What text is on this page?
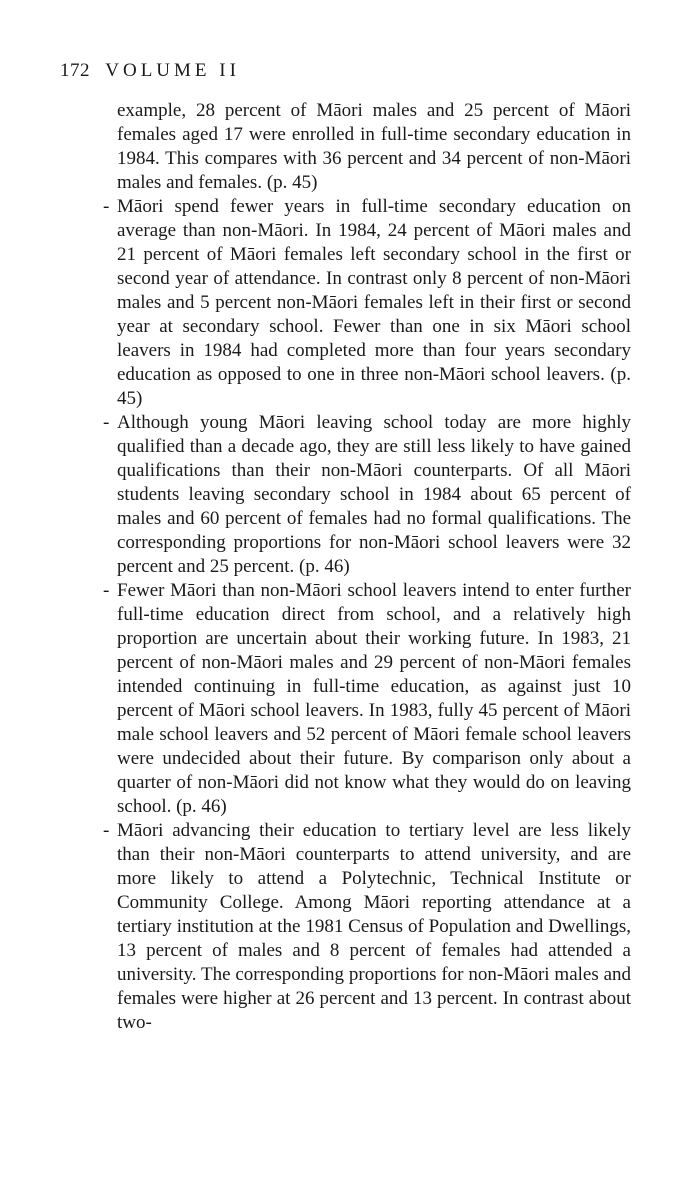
172 VOLUME II

example, 28 percent of Māori males and 25 percent of Māori females aged 17 were enrolled in full-time secondary education in 1984. This compares with 36 percent and 34 percent of non-Māori males and females. (p. 45)

- Māori spend fewer years in full-time secondary education on average than non-Māori. In 1984, 24 percent of Māori males and 21 percent of Māori females left secondary school in the first or second year of attendance. In contrast only 8 percent of non-Māori males and 5 percent non-Māori females left in their first or second year at secondary school. Fewer than one in six Māori school leavers in 1984 had completed more than four years secondary education as opposed to one in three non-Māori school leavers. (p. 45)

- Although young Māori leaving school today are more highly qualified than a decade ago, they are still less likely to have gained qualifications than their non-Māori counterparts. Of all Māori students leaving secondary school in 1984 about 65 percent of males and 60 percent of females had no formal qualifications. The corresponding proportions for non-Māori school leavers were 32 percent and 25 percent. (p. 46)

- Fewer Māori than non-Māori school leavers intend to enter further full-time education direct from school, and a relatively high proportion are uncertain about their working future. In 1983, 21 percent of non-Māori males and 29 percent of non-Māori females intended continuing in full-time education, as against just 10 percent of Māori school leavers. In 1983, fully 45 percent of Māori male school leavers and 52 percent of Māori female school leavers were undecided about their future. By comparison only about a quarter of non-Māori did not know what they would do on leaving school. (p. 46)

- Māori advancing their education to tertiary level are less likely than their non-Māori counterparts to attend university, and are more likely to attend a Polytechnic, Technical Institute or Community College. Among Māori reporting attendance at a tertiary institution at the 1981 Census of Population and Dwellings, 13 percent of males and 8 percent of females had attended a university. The corresponding proportions for non-Māori males and females were higher at 26 percent and 13 percent. In contrast about two-
